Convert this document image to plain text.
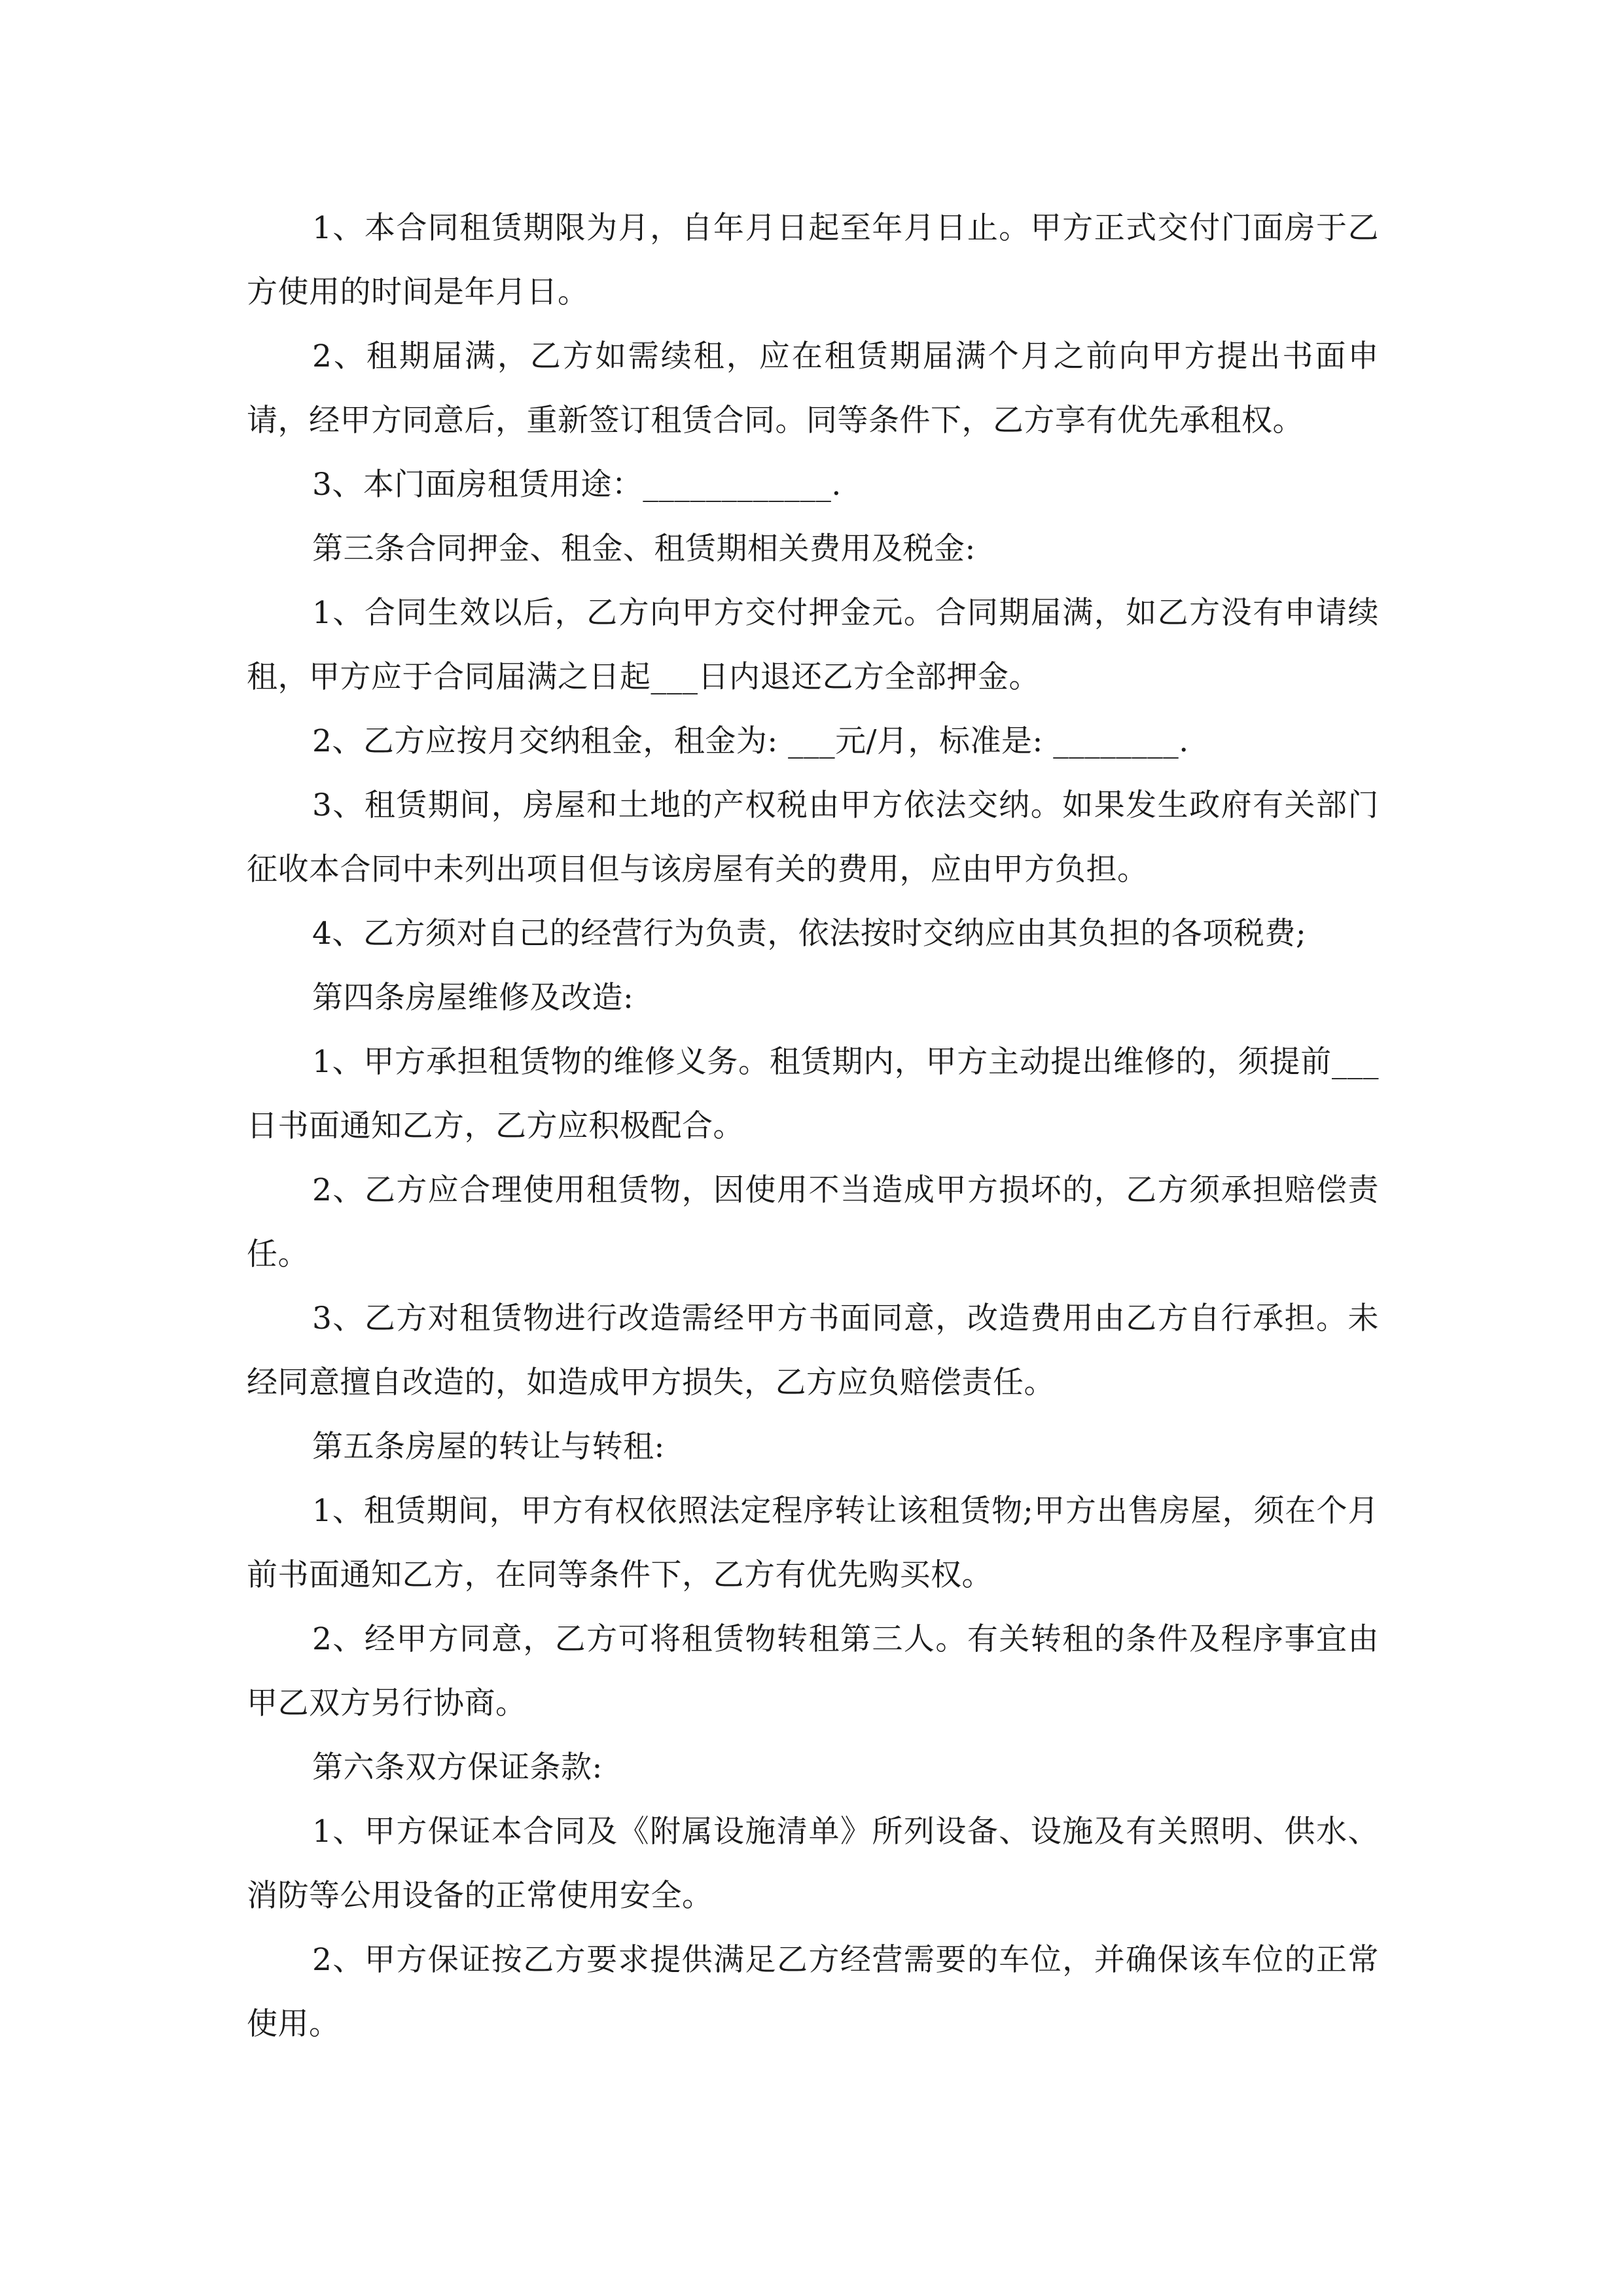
1、本合同租赁期限为月，自年月日起至年月日止。甲方正式交付门面房于乙方使用的时间是年月日。

2、租期届满，乙方如需续租，应在租赁期届满个月之前向甲方提出书面申请，经甲方同意后，重新签订租赁合同。同等条件下，乙方享有优先承租权。

3、本门面房租赁用途：____________.

第三条合同押金、租金、租赁期相关费用及税金:

1、合同生效以后，乙方向甲方交付押金元。合同期届满，如乙方没有申请续租，甲方应于合同届满之日起___日内退还乙方全部押金。

2、乙方应按月交纳租金，租金为: ___元/月，标准是: ________.

3、租赁期间，房屋和土地的产权税由甲方依法交纳。如果发生政府有关部门征收本合同中未列出项目但与该房屋有关的费用，应由甲方负担。

4、乙方须对自己的经营行为负责，依法按时交纳应由其负担的各项税费;

第四条房屋维修及改造:

1、甲方承担租赁物的维修义务。租赁期内，甲方主动提出维修的，须提前___日书面通知乙方，乙方应积极配合。

2、乙方应合理使用租赁物，因使用不当造成甲方损坏的，乙方须承担赔偿责任。

3、乙方对租赁物进行改造需经甲方书面同意，改造费用由乙方自行承担。未经同意擅自改造的，如造成甲方损失，乙方应负赔偿责任。

第五条房屋的转让与转租:

1、租赁期间，甲方有权依照法定程序转让该租赁物;甲方出售房屋，须在个月前书面通知乙方，在同等条件下，乙方有优先购买权。

2、经甲方同意，乙方可将租赁物转租第三人。有关转租的条件及程序事宜由甲乙双方另行协商。

第六条双方保证条款:

1、甲方保证本合同及《附属设施清单》所列设备、设施及有关照明、供水、消防等公用设备的正常使用安全。

2、甲方保证按乙方要求提供满足乙方经营需要的车位，并确保该车位的正常使用。
